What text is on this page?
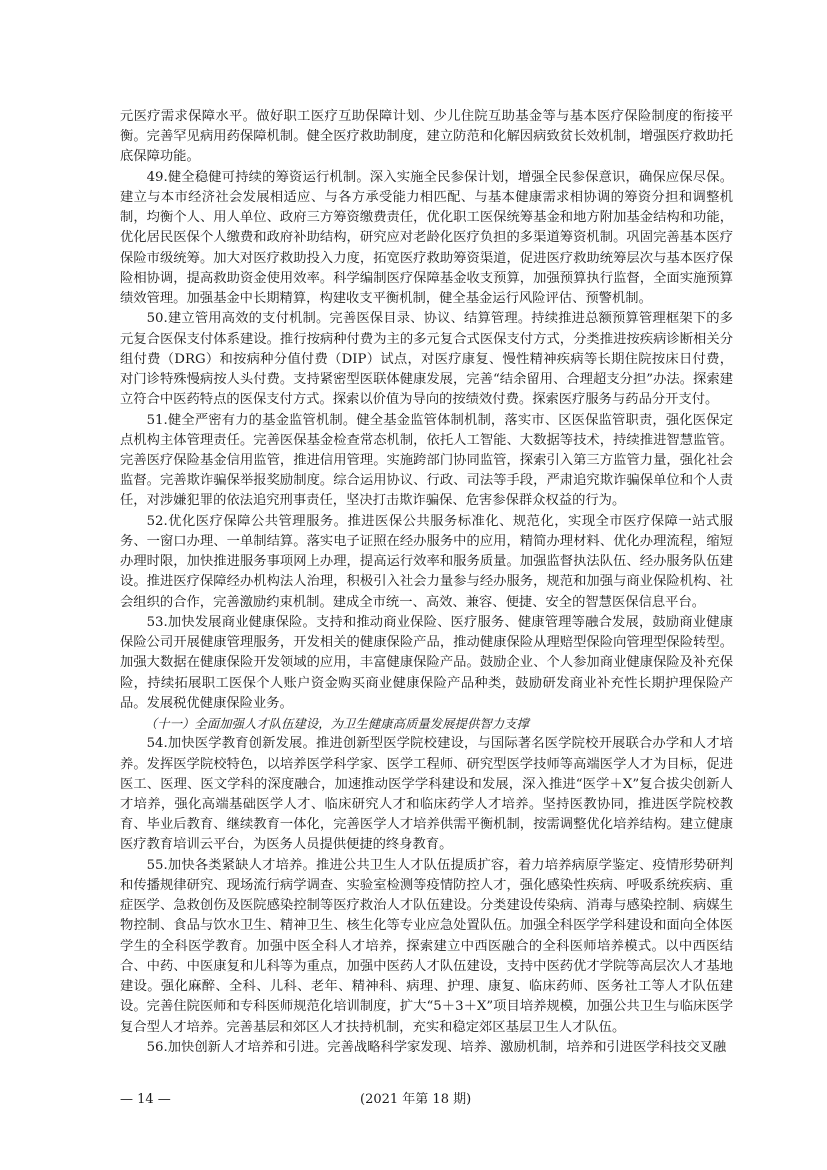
元医疗需求保障水平。做好职工医疗互助保障计划、少儿住院互助基金等与基本医疗保险制度的衔接平衡。完善罕见病用药保障机制。健全医疗救助制度，建立防范和化解因病致贫长效机制，增强医疗救助托底保障功能。

49.健全稳健可持续的筹资运行机制。深入实施全民参保计划，增强全民参保意识，确保应保尽保。建立与本市经济社会发展相适应、与各方承受能力相匹配、与基本健康需求相协调的筹资分担和调整机制，均衡个人、用人单位、政府三方筹资缴费责任，优化职工医保统筹基金和地方附加基金结构和功能，优化居民医保个人缴费和政府补助结构，研究应对老龄化医疗负担的多渠道筹资机制。巩固完善基本医疗保险市级统筹。加大对医疗救助投入力度，拓宽医疗救助筹资渠道，促进医疗救助统筹层次与基本医疗保险相协调，提高救助资金使用效率。科学编制医疗保障基金收支预算，加强预算执行监督，全面实施预算绩效管理。加强基金中长期精算，构建收支平衡机制，健全基金运行风险评估、预警机制。

50.建立管用高效的支付机制。完善医保目录、协议、结算管理。持续推进总额预算管理框架下的多元复合医保支付体系建设。推行按病种付费为主的多元复合式医保支付方式，分类推进按疾病诊断相关分组付费（DRG）和按病种分值付费（DIP）试点，对医疗康复、慢性精神疾病等长期住院按床日付费，对门诊特殊慢病按人头付费。支持紧密型医联体健康发展，完善“结余留用、合理超支分担”办法。探索建立符合中医药特点的医保支付方式。探索以价值为导向的按绩效付费。探索医疗服务与药品分开支付。

51.健全严密有力的基金监管机制。健全基金监管体制机制，落实市、区医保监管职责，强化医保定点机构主体管理责任。完善医保基金检查常态机制，依托人工智能、大数据等技术，持续推进智慧监管。完善医疗保险基金信用监管，推进信用管理。实施跨部门协同监管，探索引入第三方监管力量，强化社会监督。完善欺诈骗保举报奖励制度。综合运用协议、行政、司法等手段，严肃追究欺诈骗保单位和个人责任，对涉嫌犯罪的依法追究刑事责任，坚决打击欺诈骗保、危害参保群众权益的行为。

52.优化医疗保障公共管理服务。推进医保公共服务标准化、规范化，实现全市医疗保障一站式服务、一窗口办理、一单制结算。落实电子证照在经办服务中的应用，精简办理材料、优化办理流程，缩短办理时限，加快推进服务事项网上办理，提高运行效率和服务质量。加强监督执法队伍、经办服务队伍建设。推进医疗保障经办机构法人治理，积极引入社会力量参与经办服务，规范和加强与商业保险机构、社会组织的合作，完善激励约束机制。建成全市统一、高效、兼容、便捷、安全的智慧医保信息平台。

53.加快发展商业健康保险。支持和推动商业保险、医疗服务、健康管理等融合发展，鼓励商业健康保险公司开展健康管理服务，开发相关的健康保险产品，推动健康保险从理赔型保险向管理型保险转型。加强大数据在健康保险开发领域的应用，丰富健康保险产品。鼓励企业、个人参加商业健康保险及补充保险，持续拓展职工医保个人账户资金购买商业健康保险产品种类，鼓励研发商业补充性长期护理保险产品。发展税优健康保险业务。

（十一）全面加强人才队伍建设，为卫生健康高质量发展提供智力支撑

54.加快医学教育创新发展。推进创新型医学院校建设，与国际著名医学院校开展联合办学和人才培养。发挥医学院校特色，以培养医学科学家、医学工程师、研究型医学技师等高端医学人才为目标，促进医工、医理、医文学科的深度融合，加速推动医学学科建设和发展，深入推进“医学＋X”复合拔尖创新人才培养，强化高端基础医学人才、临床研究人才和临床药学人才培养。坚持医教协同，推进医学院校教育、毕业后教育、继续教育一体化，完善医学人才培养供需平衡机制，按需调整优化培养结构。建立健康医疗教育培训云平台，为医务人员提供便捷的终身教育。

55.加快各类紧缺人才培养。推进公共卫生人才队伍提质扩容，着力培养病原学鉴定、疫情形势研判和传播规律研究、现场流行病学调查、实验室检测等疫情防控人才，强化感染性疾病、呼吸系统疾病、重症医学、急救创伤及医院感染控制等医疗救治人才队伍建设。分类建设传染病、消毒与感染控制、病媒生物控制、食品与饮水卫生、精神卫生、核生化等专业应急处置队伍。加强全科医学学科建设和面向全体医学生的全科医学教育。加强中医全科人才培养，探索建立中西医融合的全科医师培养模式。以中西医结合、中药、中医康复和儿科等为重点，加强中医药人才队伍建设，支持中医药优才学院等高层次人才基地建设。强化麻醉、全科、儿科、老年、精神科、病理、护理、康复、临床药师、医务社工等人才队伍建设。完善住院医师和专科医师规范化培训制度，扩大“5＋3＋X”项目培养规模，加强公共卫生与临床医学复合型人才培养。完善基层和郊区人才扶持机制，充实和稳定郊区基层卫生人才队伍。

56.加快创新人才培养和引进。完善战略科学家发现、培养、激励机制，培养和引进医学科技交叉融

— 14 —	(2021 年第 18 期)
